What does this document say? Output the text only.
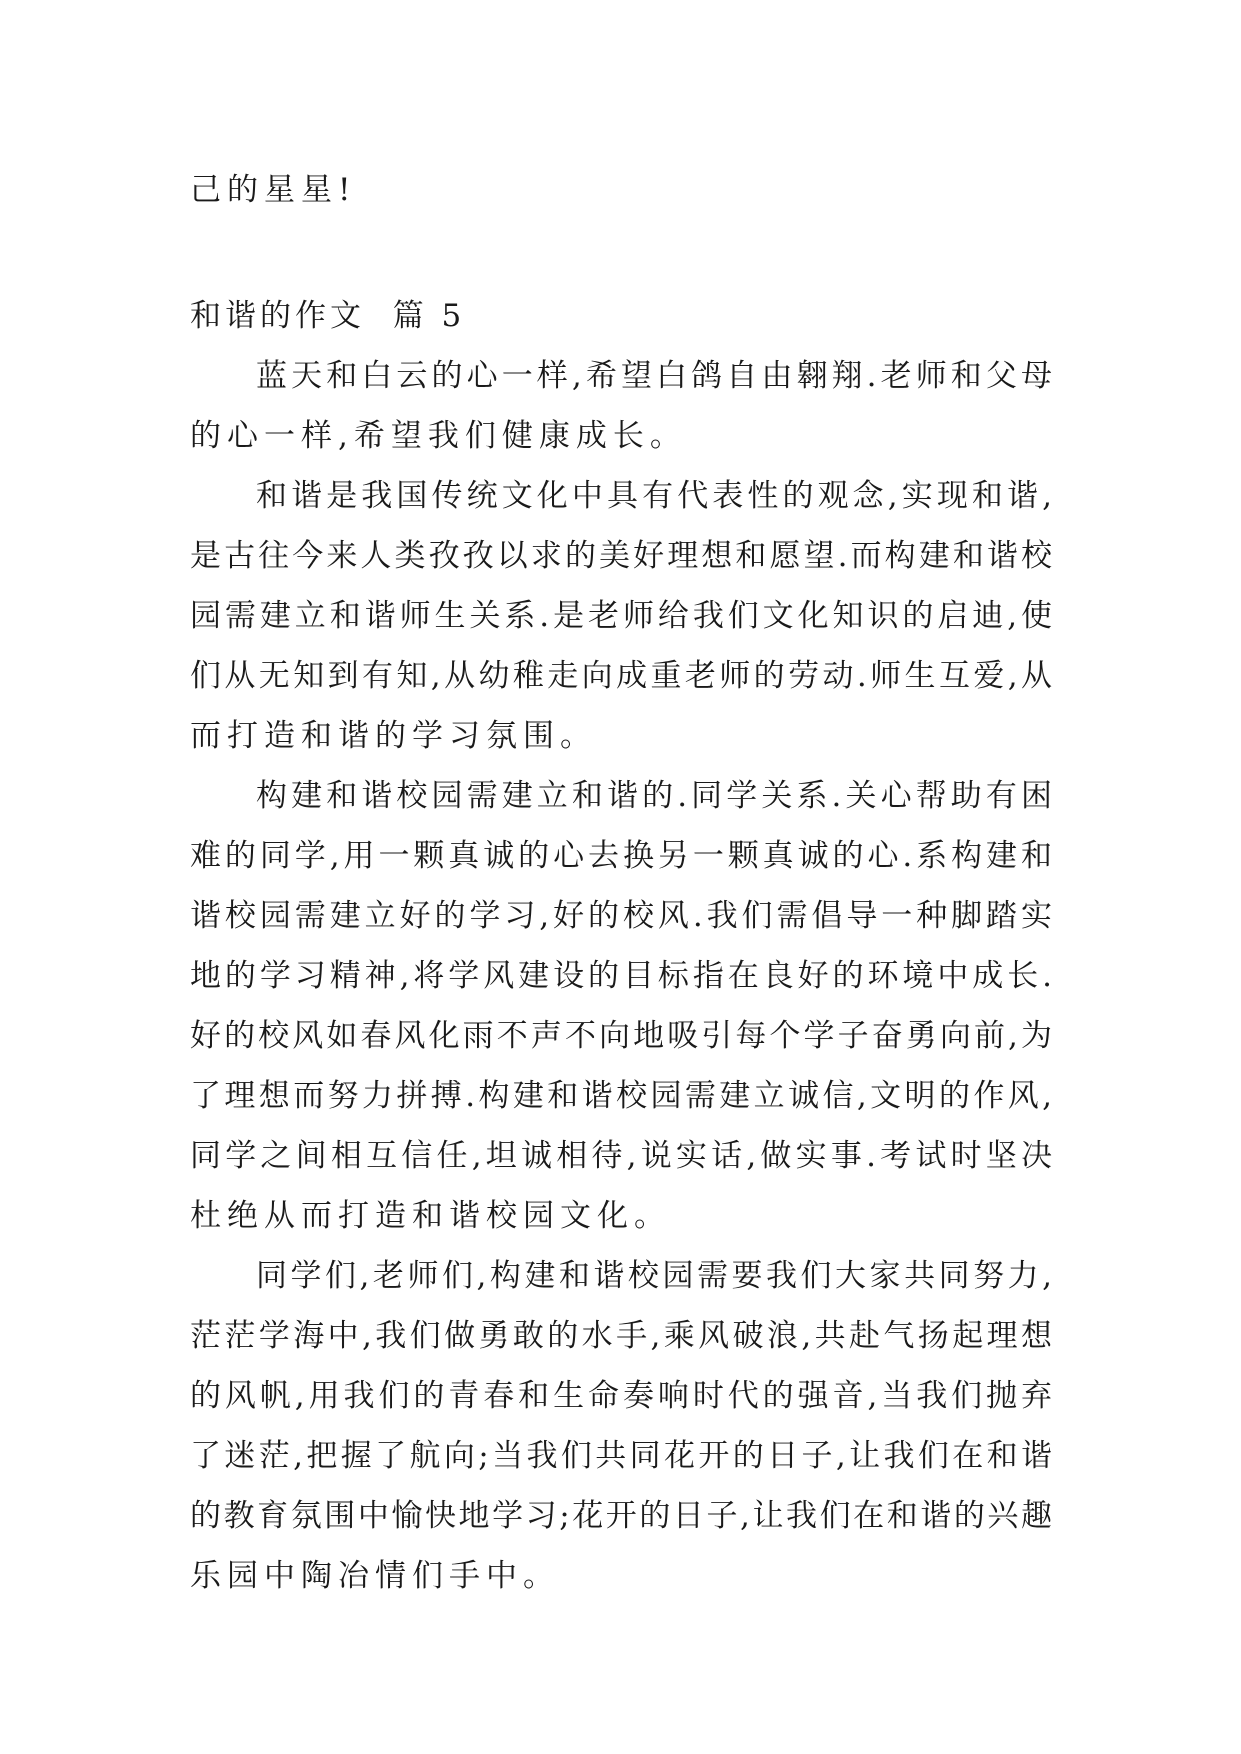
己的星星!
和谐的作文  篇 5
蓝天和白云的心一样,希望白鸽自由翱翔.老师和父母
的心一样,希望我们健康成长。
和谐是我国传统文化中具有代表性的观念,实现和谐,
是古往今来人类孜孜以求的美好理想和愿望.而构建和谐校
园需建立和谐师生关系.是老师给我们文化知识的启迪,使
们从无知到有知,从幼稚走向成重老师的劳动.师生互爱,从
而打造和谐的学习氛围。
构建和谐校园需建立和谐的.同学关系.关心帮助有困
难的同学,用一颗真诚的心去换另一颗真诚的心.系构建和
谐校园需建立好的学习,好的校风.我们需倡导一种脚踏实
地的学习精神,将学风建设的目标指在良好的环境中成长.
好的校风如春风化雨不声不向地吸引每个学子奋勇向前,为
了理想而努力拼搏.构建和谐校园需建立诚信,文明的作风,
同学之间相互信任,坦诚相待,说实话,做实事.考试时坚决
杜绝从而打造和谐校园文化。
同学们,老师们,构建和谐校园需要我们大家共同努力,
茫茫学海中,我们做勇敢的水手,乘风破浪,共赴气扬起理想
的风帆,用我们的青春和生命奏响时代的强音,当我们抛弃
了迷茫,把握了航向;当我们共同花开的日子,让我们在和谐
的教育氛围中愉快地学习;花开的日子,让我们在和谐的兴趣
乐园中陶冶情们手中。
